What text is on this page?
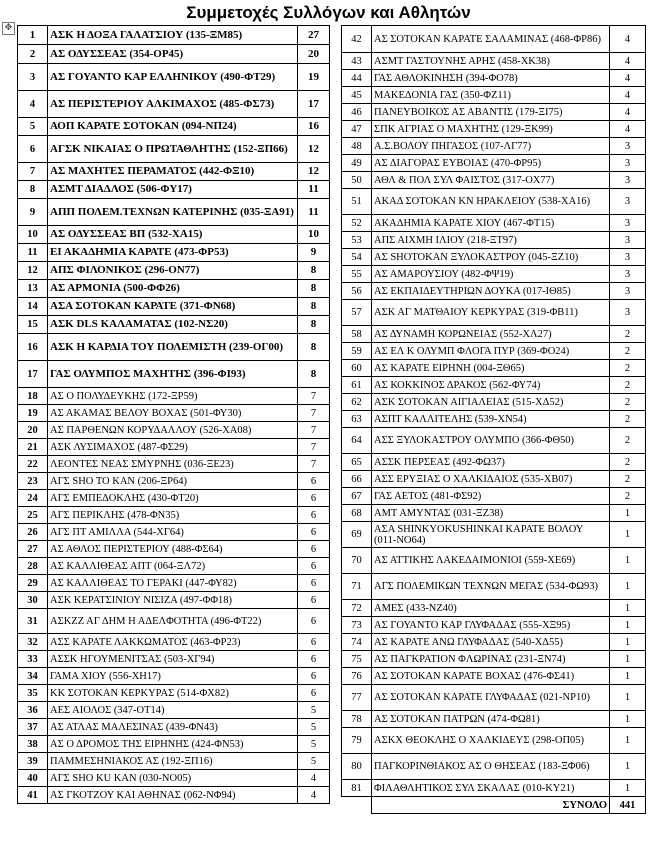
Συμμετοχές Συλλόγων και Αθλητών
✥
1	ΑΣΚ Η ΔΟΞΑ ΓΑΛΑΤΣΙΟΥ (135-ΞΜ85)	27
2	ΑΣ ΟΔΥΣΣΕΑΣ (354-ΟΡ45)	20
3	ΑΣ ΓΟΥΑΝΤΟ ΚΑΡ ΕΛΛΗΝΙΚΟΥ (490-ΦΤ29)	19
4	ΑΣ ΠΕΡΙΣΤΕΡΙΟΥ ΑΛΚΙΜΑΧΟΣ (485-ΦΣ73)	17
5	ΑΟΠ ΚΑΡΑΤΕ ΣΟΤΟΚΑΝ (094-ΝΠ24)	16
6	ΑΓΣΚ ΝΙΚΑΙΑΣ Ο ΠΡΩΤΑΘΛΗΤΗΣ (152-ΞΠ66)	12
7	ΑΣ ΜΑΧΗΤΕΣ ΠΕΡΑΜΑΤΟΣ (442-ΦΞ10)	12
8	ΑΣΜΤ ΔΙΑΔΛΟΣ (506-ΦΥ17)	11
9	ΑΠΠ ΠΟΛΕΜ.ΤΕΧΝΩΝ ΚΑΤΕΡΙΝΗΣ (035-ΞΑ91)	11
10	ΑΣ ΟΔΥΣΣΕΑΣ ΒΠ (532-ΧΑ15)	10
11	ΕΙ ΑΚΑΔΗΜΙΑ ΚΑΡΑΤΕ (473-ΦΡ53)	9
12	ΑΠΣ ΦΙΛΟΝΙΚΟΣ (296-ΟΝ77)	8
13	ΑΣ ΑΡΜΟΝΙΑ (500-ΦΦ26)	8
14	ΑΣΑ ΣΟΤΟΚΑΝ ΚΑΡΑΤΕ (371-ΦΝ68)	8
15	ΑΣΚ DLS ΚΑΛΑΜΑΤΑΣ (102-ΝΣ20)	8
16	ΑΣΚ Η ΚΑΡΔΙΑ ΤΟΥ ΠΟΛΕΜΙΣΤΗ (239-ΟΓ00)	8
17	ΓΑΣ ΟΛΥΜΠΟΣ ΜΑΧΗΤΗΣ (396-ΦΙ93)	8
18	ΑΣ Ο ΠΟΛΥΔΕΥΚΗΣ (172-ΞΡ59)	7
19	ΑΣ ΑΚΑΜΑΣ ΒΕΛΟΥ ΒΟΧΑΣ (501-ΦΥ30)	7
20	ΑΣ ΠΑΡΘΕΝΩΝ ΚΟΡΥΔΑΛΛΟΥ (526-ΧΑ08)	7
21	ΑΣΚ ΛΥΣΙΜΑΧΟΣ (487-ΦΣ29)	7
22	ΛΕΟΝΤΕΣ ΝΕΑΣ ΣΜΥΡΝΗΣ (036-ΞΕ23)	7
23	ΑΓΣ SHO TO KAN (206-ΞΡ64)	6
24	ΑΓΣ ΕΜΠΕΔΟΚΛΗΣ (430-ΦΤ20)	6
25	ΑΓΣ ΠΕΡΙΚΛΗΣ (478-ΦΝ35)	6
26	ΑΓΣ ΠΤ ΑΜΙΛΛΑ (544-ΧΓ64)	6
27	ΑΣ ΑΘΛΟΣ ΠΕΡΙΣΤΕΡΙΟΥ (488-ΦΣ64)	6
28	ΑΣ ΚΑΛΛΙΘΕΑΣ ΑΠΤ (064-ΞΛ72)	6
29	ΑΣ ΚΑΛΛΙΘΕΑΣ ΤΟ ΓΕΡΑΚΙ (447-ΦΥ82)	6
30	ΑΣΚ ΚΕΡΑΤΣΙΝΙΟΥ ΝΙΣΙΖΑ (497-ΦΦ18)	6
31	ΑΣΚΖΖ ΑΓ ΔΗΜ Η ΑΔΕΛΦΟΤΗΤΑ (496-ΦΤ22)	6
32	ΑΣΣ ΚΑΡΑΤΕ ΛΑΚΚΩΜΑΤΟΣ (463-ΦΡ23)	6
33	ΑΣΣΚ ΗΓΟΥΜΕΝΙΤΣΑΣ (503-ΧΓ94)	6
34	ΓΑΜΑ ΧΙΟΥ (556-ΧΗ17)	6
35	ΚΚ ΣΟΤΟΚΑΝ ΚΕΡΚΥΡΑΣ (514-ΦΧ82)	6
36	ΑΕΣ ΑΙΟΛΟΣ (347-ΟΤ14)	5
37	ΑΣ ΑΤΛΑΣ ΜΑΛΕΣΙΝΑΣ (439-ΦΝ43)	5
38	ΑΣ Ο ΔΡΟΜΟΣ ΤΗΣ ΕΙΡΗΝΗΣ (424-ΦΝ53)	5
39	ΠΑΜΜΕΣΗΝΙΑΚΟΣ ΑΣ (192-ΞΠ16)	5
40	ΑΓΣ SHO KU KAN (030-ΝΟ05)	4
41	ΑΣ ΓΚΟΤΖΟΥ ΚΑΙ ΑΘΗΝΑΣ (062-ΝΦ94)	4
42	ΑΣ ΣΟΤΟΚΑΝ ΚΑΡΑΤΕ ΣΑΛΑΜΙΝΑΣ (468-ΦΡ86)	4
43	ΑΣΜΤ ΓΑΣΤΟΥΝΗΣ ΑΡΗΣ (458-ΧΚ38)	4
44	ΓΑΣ ΑΘΛΟΚΙΝΗΣΗ (394-ΦΟ78)	4
45	ΜΑΚΕΔΟΝΙΑ ΓΑΣ (350-ΦΖ11)	4
46	ΠΑΝΕΥΒΟΙΚΟΣ ΑΣ ΑΒΑΝΤΙΣ (179-ΞΙ75)	4
47	ΣΠΚ ΑΓΡΙΑΣ Ο ΜΑΧΗΤΗΣ (129-ΞΚ99)	4
48	Α.Σ.ΒΟΛΟΥ ΠΗΓΑΣΟΣ (107-ΛΓ77)	3
49	ΑΣ ΔΙΑΓΟΡΑΣ ΕΥΒΟΙΑΣ (470-ΦΡ95)	3
50	ΑΘΛ & ΠΟΛ ΣΥΛ ΦΑΙΣΤΟΣ (317-ΟΧ77)	3
51	ΑΚΑΔ ΣΟΤΟΚΑΝ ΚΝ ΗΡΑΚΛΕΙΟΥ (538-ΧΑ16)	3
52	ΑΚΑΔΗΜΙΑ ΚΑΡΑΤΕ ΧΙΟΥ (467-ΦΤ15)	3
53	ΑΠΣ ΑΙΧΜΗ ΙΛΙΟΥ (218-ΞΤ97)	3
54	ΑΣ SHOTOKAN ΞΥΛΟΚΑΣΤΡΟΥ (045-ΞΖ10)	3
55	ΑΣ ΑΜΑΡΟΥΣΙΟΥ (482-ΦΨ19)	3
56	ΑΣ ΕΚΠΑΙΔΕΥΤΗΡΙΩΝ ΔΟΥΚΑ (017-ΙΘ85)	3
57	ΑΣΚ ΑΓ ΜΑΤΘΑΙΟΥ ΚΕΡΚΥΡΑΣ (319-ΦΒ11)	3
58	ΑΣ ΔΥΝΑΜΗ ΚΟΡΩΝΕΙΑΣ (552-ΧΛ27)	2
59	ΑΣ ΕΛ Κ ΟΛΥΜΠ ΦΛΟΓΑ ΠΥΡ (369-ΦΟ24)	2
60	ΑΣ ΚΑΡΑΤΕ ΕΙΡΗΝΗ (004-ΞΘ65)	2
61	ΑΣ ΚΟΚΚΙΝΟΣ ΔΡΑΚΟΣ (562-ΦΥ74)	2
62	ΑΣΚ ΣΟΤΟΚΑΝ ΑΙΓΙΑΛΕΙΑΣ (515-ΧΔ52)	2
63	ΑΣΠΤ ΚΑΛΛΙΤΕΛΗΣ (539-ΧΝ54)	2
64	ΑΣΣ ΞΥΛΟΚΑΣΤΡΟΥ ΟΛΥΜΠΟ (366-ΦΘ50)	2
65	ΑΣΣΚ ΠΕΡΣΕΑΣ (492-ΦΩ37)	2
66	ΑΣΣ ΕΡΥΞΙΑΣ Ο ΧΑΛΚΙΔΑΙΟΣ (535-ΧΒ07)	2
67	ΓΑΣ ΑΕΤΟΣ (481-ΦΣ92)	2
68	ΑΜΤ ΑΜΥΝΤΑΣ (031-ΞΖ38)	1
69	ΑΣΑ SHINKYOKUSHINKAI ΚΑΡΑΤΕ ΒΟΛΟΥ (011-ΝΟ64)	1
70	ΑΣ ΑΤΤΙΚΗΣ ΛΑΚΕΔΑΙΜΟΝΙΟΙ (559-ΧΕ69)	1
71	ΑΓΣ ΠΟΛΕΜΙΚΩΝ ΤΕΧΝΩΝ ΜΕΓΑΣ (534-ΦΩ93)	1
72	ΑΜΕΣ (433-ΝΖ40)	1
73	ΑΣ ΓΟΥΑΝΤΟ ΚΑΡ ΓΛΥΦΑΔΑΣ (555-ΧΞ95)	1
74	ΑΣ ΚΑΡΑΤΕ ΑΝΩ ΓΛΥΦΑΔΑΣ (540-ΧΔ55)	1
75	ΑΣ ΠΑΓΚΡΑΤΙΟΝ ΦΛΩΡΙΝΑΣ (231-ΞΝ74)	1
76	ΑΣ ΣΟΤΟΚΑΝ ΚΑΡΑΤΕ ΒΟΧΑΣ (476-ΦΣ41)	1
77	ΑΣ ΣΟΤΟΚΑΝ ΚΑΡΑΤΕ ΓΛΥΦΑΔΑΣ (021-ΝΡ10)	1
78	ΑΣ ΣΟΤΟΚΑΝ ΠΑΤΡΩΝ (474-ΦΩ81)	1
79	ΑΣΚΧ ΘΕΟΚΛΗΣ Ο ΧΑΛΚΙΔΕΥΣ (298-ΟΠ05)	1
80	ΠΑΓΚΟΡΙΝΘΙΑΚΟΣ ΑΣ Ο ΘΗΣΕΑΣ (183-ΞΦ06)	1
81	ΦΙΛΑΘΛΗΤΙΚΟΣ ΣΥΛ ΣΚΑΛΑΣ (010-ΚΥ21)	1
	ΣΥΝΟΛΟ	441
